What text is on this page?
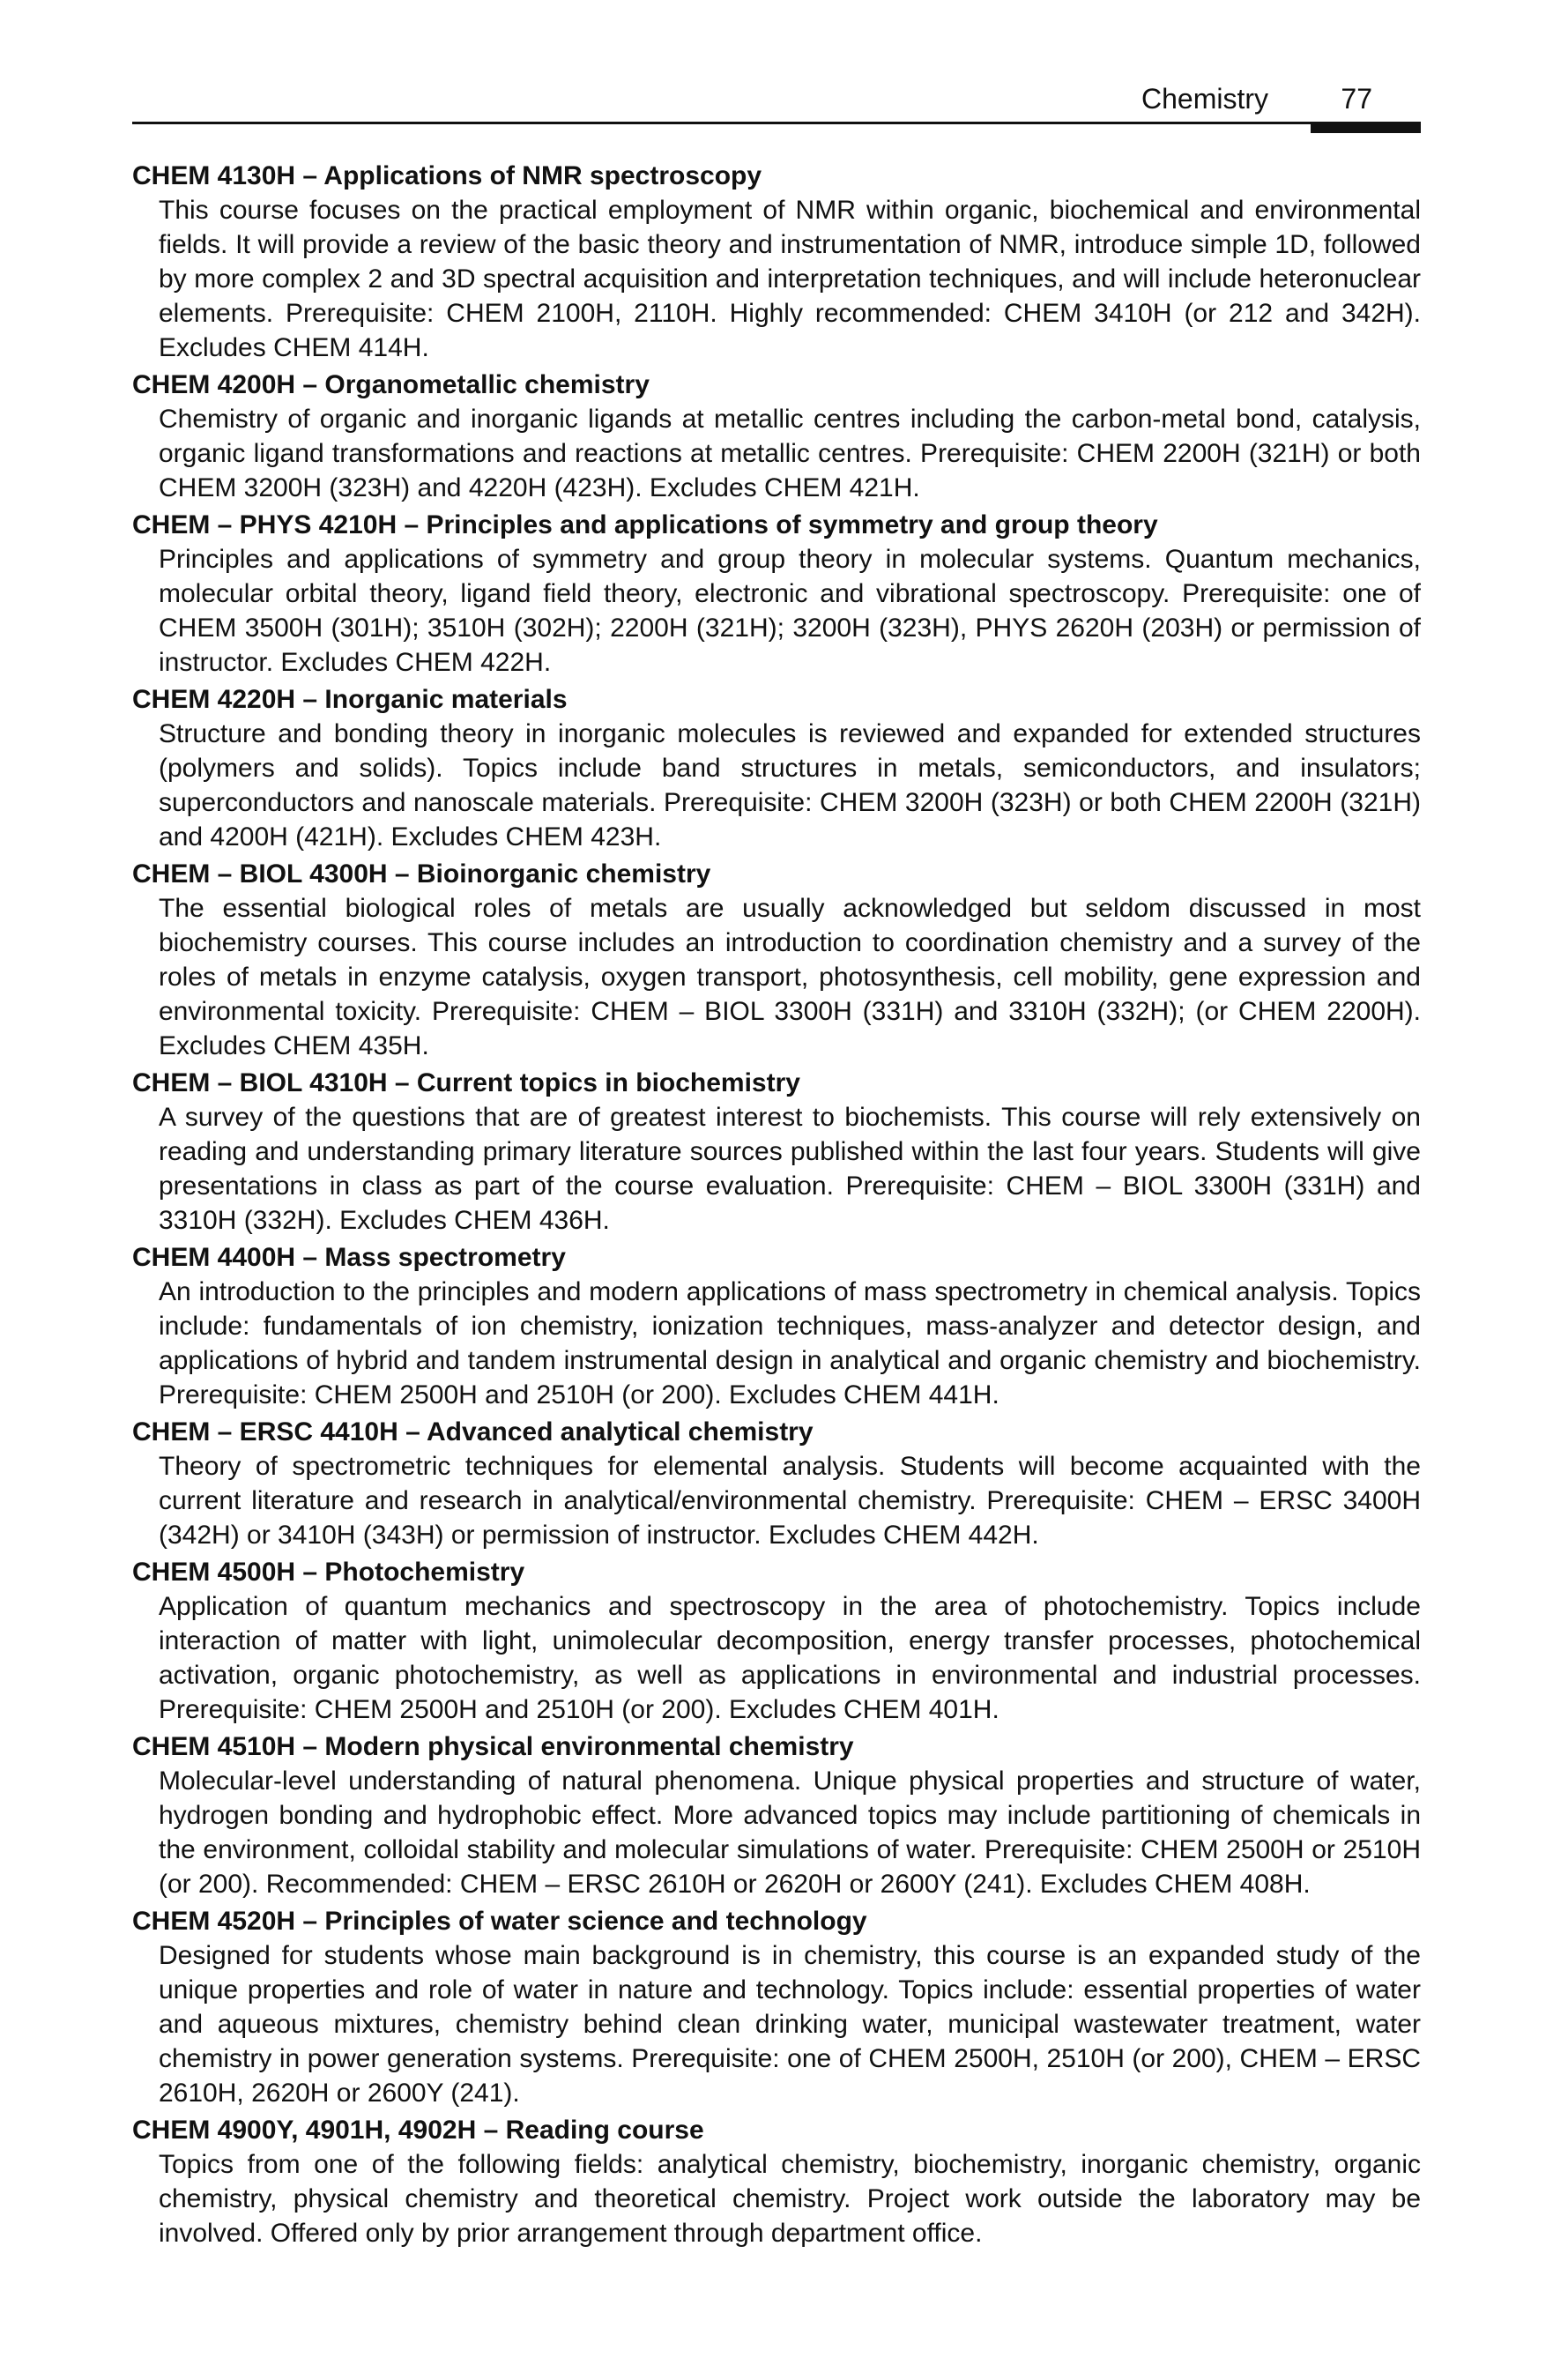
Chemistry	77

CHEM 4130H – Applications of NMR spectroscopy

This course focuses on the practical employment of NMR within organic, biochemical and environmental fields. It will provide a review of the basic theory and instrumentation of NMR, introduce simple 1D, followed by more complex 2 and 3D spectral acquisition and interpretation techniques, and will include heteronuclear elements. Prerequisite: CHEM 2100H, 2110H. Highly recommended: CHEM 3410H (or 212 and 342H). Excludes CHEM 414H.

CHEM 4200H – Organometallic chemistry

Chemistry of organic and inorganic ligands at metallic centres including the carbon-metal bond, catalysis, organic ligand transformations and reactions at metallic centres. Prerequisite: CHEM 2200H (321H) or both CHEM 3200H (323H) and 4220H (423H). Excludes CHEM 421H.

CHEM – PHYS 4210H – Principles and applications of symmetry and group theory

Principles and applications of symmetry and group theory in molecular systems. Quantum mechanics, molecular orbital theory, ligand field theory, electronic and vibrational spectroscopy. Prerequisite: one of CHEM 3500H (301H); 3510H (302H); 2200H (321H); 3200H (323H), PHYS 2620H (203H) or permission of instructor. Excludes CHEM 422H.

CHEM 4220H – Inorganic materials

Structure and bonding theory in inorganic molecules is reviewed and expanded for extended structures (polymers and solids). Topics include band structures in metals, semiconductors, and insulators; superconductors and nanoscale materials. Prerequisite: CHEM 3200H (323H) or both CHEM 2200H (321H) and 4200H (421H). Excludes CHEM 423H.

CHEM – BIOL 4300H – Bioinorganic chemistry

The essential biological roles of metals are usually acknowledged but seldom discussed in most biochemistry courses. This course includes an introduction to coordination chemistry and a survey of the roles of metals in enzyme catalysis, oxygen transport, photosynthesis, cell mobility, gene expression and environmental toxicity. Prerequisite: CHEM – BIOL 3300H (331H) and 3310H (332H); (or CHEM 2200H). Excludes CHEM 435H.

CHEM – BIOL 4310H – Current topics in biochemistry

A survey of the questions that are of greatest interest to biochemists. This course will rely extensively on reading and understanding primary literature sources published within the last four years. Students will give presentations in class as part of the course evaluation. Prerequisite: CHEM – BIOL 3300H (331H) and 3310H (332H). Excludes CHEM 436H.

CHEM 4400H – Mass spectrometry

An introduction to the principles and modern applications of mass spectrometry in chemical analysis. Topics include: fundamentals of ion chemistry, ionization techniques, mass-analyzer and detector design, and applications of hybrid and tandem instrumental design in analytical and organic chemistry and biochemistry. Prerequisite: CHEM 2500H and 2510H (or 200). Excludes CHEM 441H.

CHEM – ERSC 4410H – Advanced analytical chemistry

Theory of spectrometric techniques for elemental analysis. Students will become acquainted with the current literature and research in analytical/environmental chemistry. Prerequisite: CHEM – ERSC 3400H (342H) or 3410H (343H) or permission of instructor. Excludes CHEM 442H.

CHEM 4500H – Photochemistry

Application of quantum mechanics and spectroscopy in the area of photochemistry. Topics include interaction of matter with light, unimolecular decomposition, energy transfer processes, photochemical activation, organic photochemistry, as well as applications in environmental and industrial processes. Prerequisite: CHEM 2500H and 2510H (or 200). Excludes CHEM 401H.

CHEM 4510H – Modern physical environmental chemistry

Molecular-level understanding of natural phenomena. Unique physical properties and structure of water, hydrogen bonding and hydrophobic effect. More advanced topics may include partitioning of chemicals in the environment, colloidal stability and molecular simulations of water. Prerequisite: CHEM 2500H or 2510H (or 200). Recommended: CHEM – ERSC 2610H or 2620H or 2600Y (241). Excludes CHEM 408H.

CHEM 4520H – Principles of water science and technology

Designed for students whose main background is in chemistry, this course is an expanded study of the unique properties and role of water in nature and technology. Topics include: essential properties of water and aqueous mixtures, chemistry behind clean drinking water, municipal wastewater treatment, water chemistry in power generation systems. Prerequisite: one of CHEM 2500H, 2510H (or 200), CHEM – ERSC 2610H, 2620H or 2600Y (241).

CHEM 4900Y, 4901H, 4902H – Reading course

Topics from one of the following fields: analytical chemistry, biochemistry, inorganic chemistry, organic chemistry, physical chemistry and theoretical chemistry. Project work outside the laboratory may be involved. Offered only by prior arrangement through department office.
